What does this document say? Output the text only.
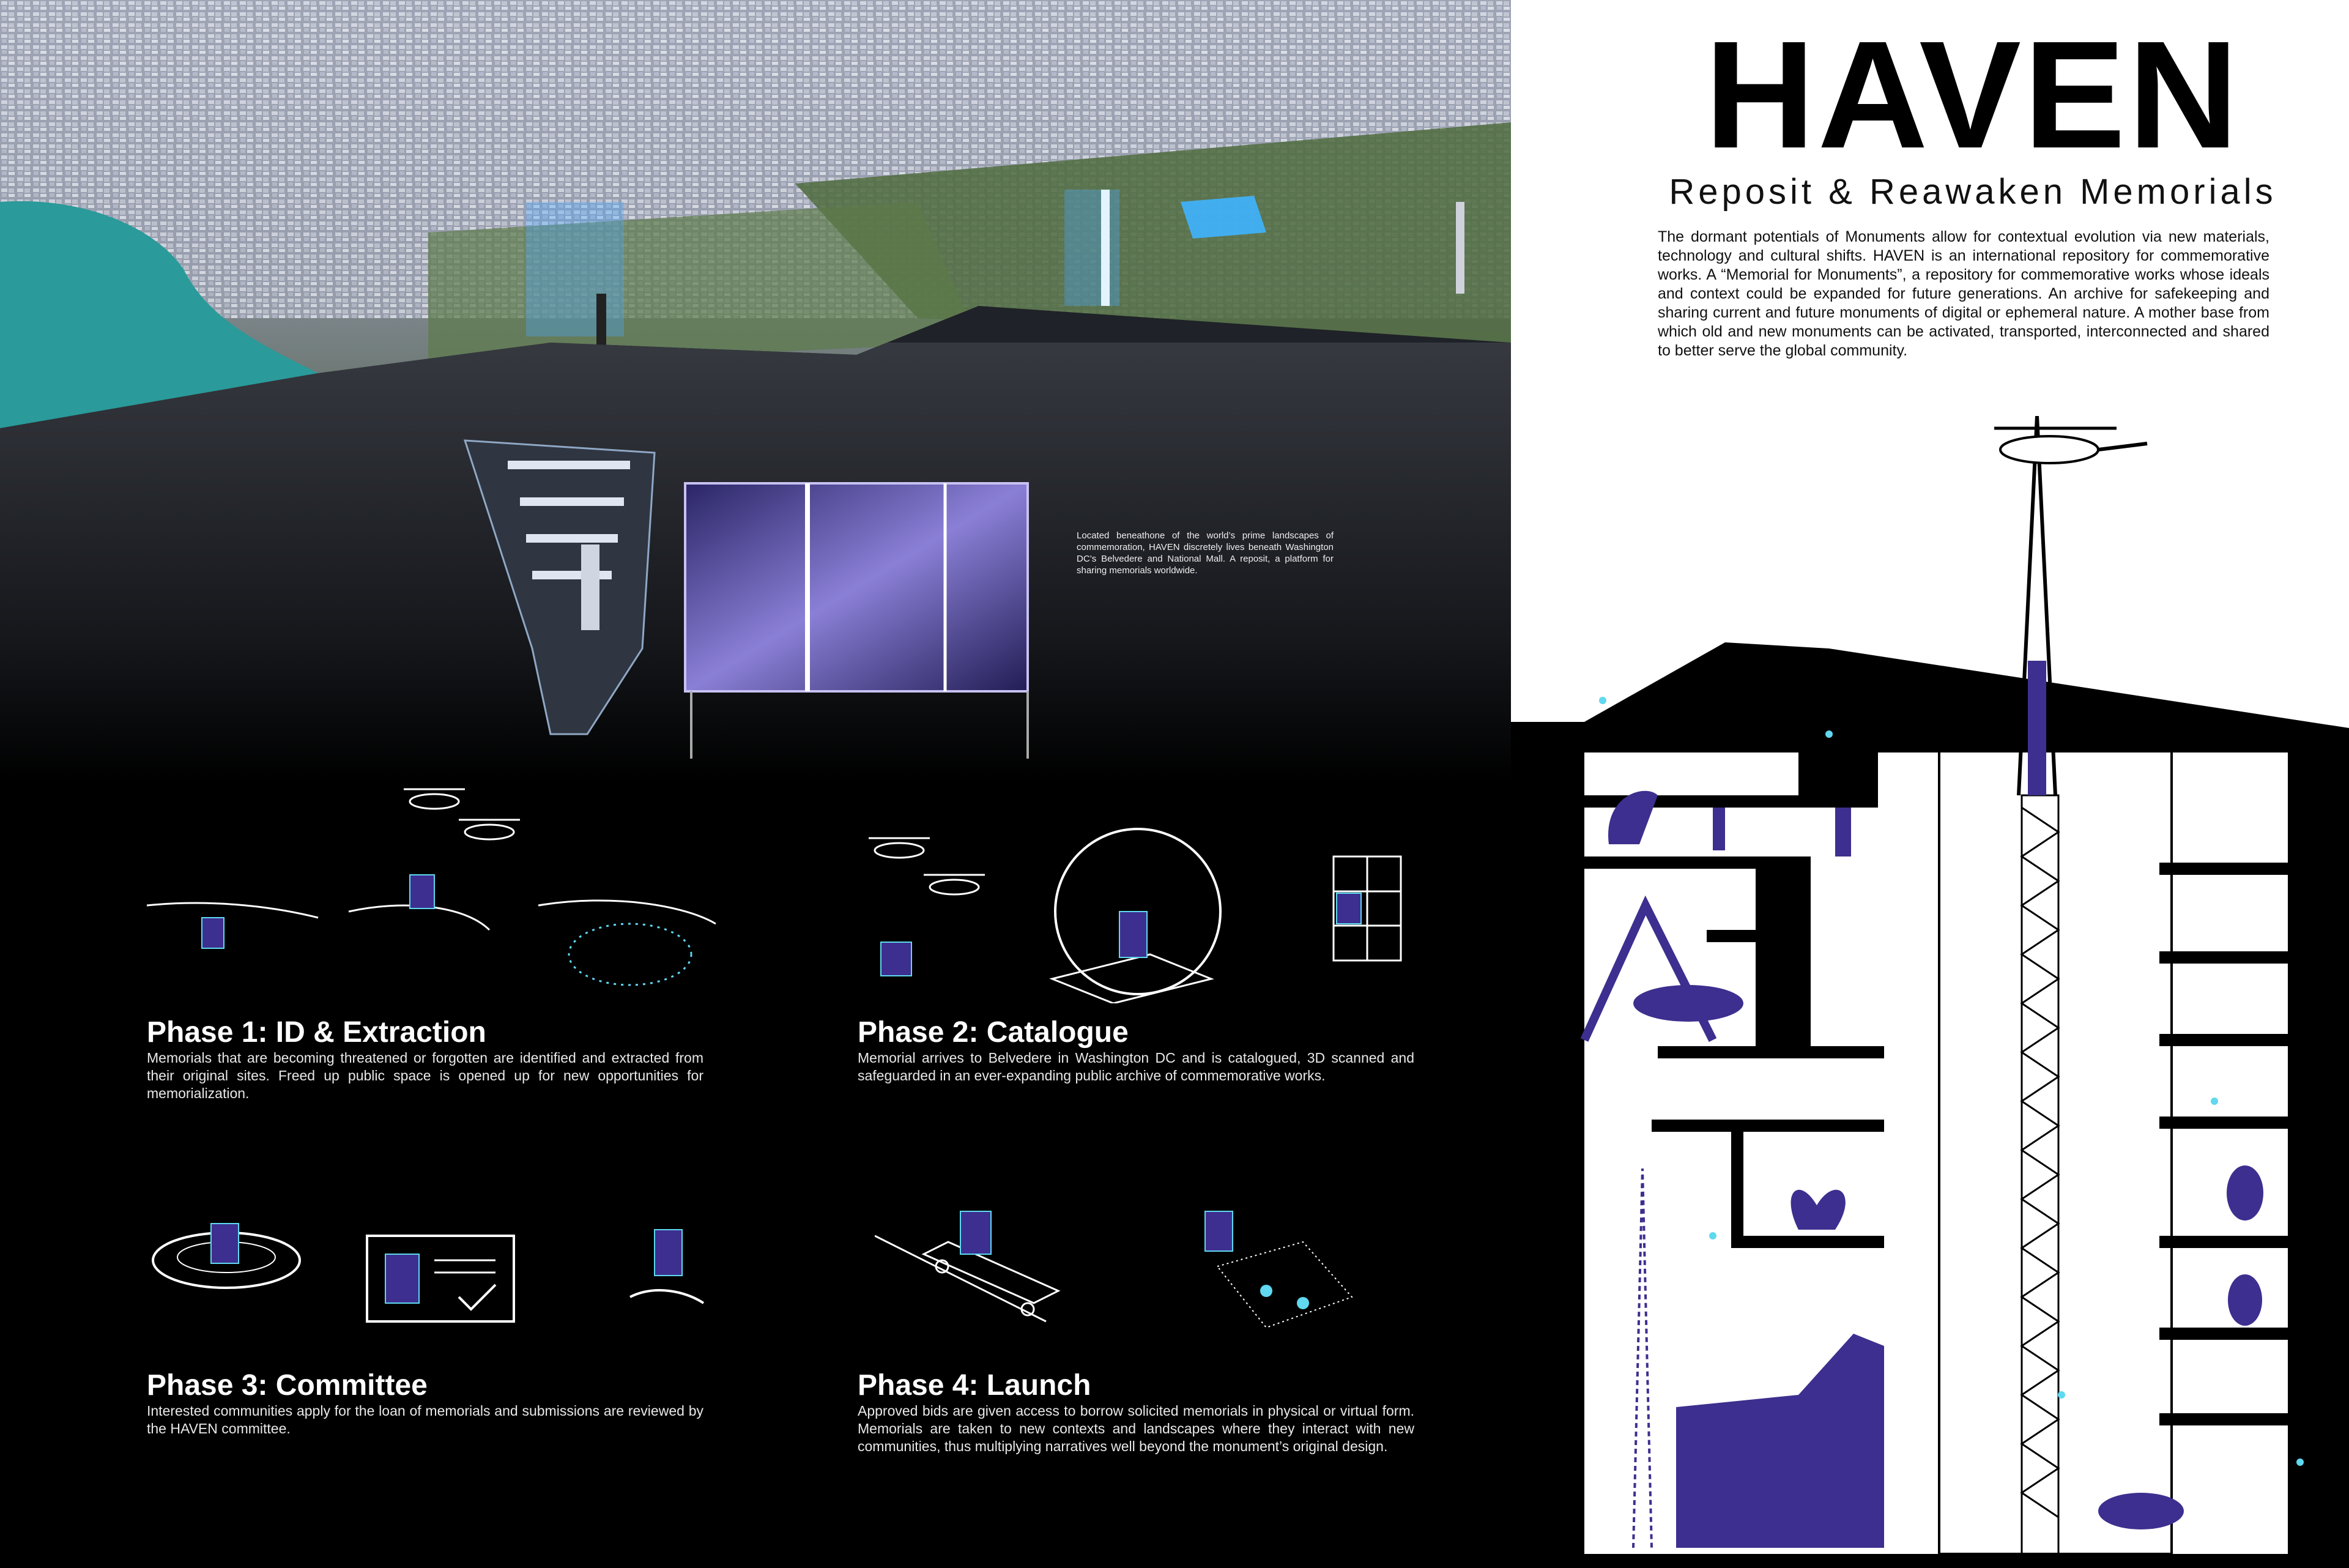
Located beneathone of the world’s prime landscapes of commemoration, HAVEN discretely lives beneath Washington DC’s Belvedere and National Mall. A reposit, a platform for sharing memorials worldwide.
HAVEN
Reposit & Reawaken Memorials
The dormant potentials of Monuments allow for contextual evolution via new materials, technology and cultural shifts. HAVEN is an international repository for commemorative works. A “Memorial for Monuments”, a repository for commemorative works whose ideals and context could be expanded for future generations. An archive for safekeeping and sharing current and future monuments of digital or ephemeral nature. A mother base from which old and new monuments can be activated, transported, interconnected and shared to better serve the global community.
Phase 1: ID & Extraction
Memorials that are becoming threatened or forgotten are identified and extracted from their original sites. Freed up public space is opened up for new opportunities for memorialization.
Phase 2: Catalogue
Memorial arrives to Belvedere in Washington DC and is catalogued, 3D scanned and safeguarded in an ever-expanding public archive of commemorative works.
Phase 3: Committee
Interested communities apply for the loan of memorials and submissions are reviewed by the HAVEN committee.
Phase 4: Launch
Approved bids are given access to borrow solicited memorials in physical or virtual form. Memorials are taken to new contexts and landscapes where they interact with new communities, thus multiplying narratives well beyond the monument’s original design.
